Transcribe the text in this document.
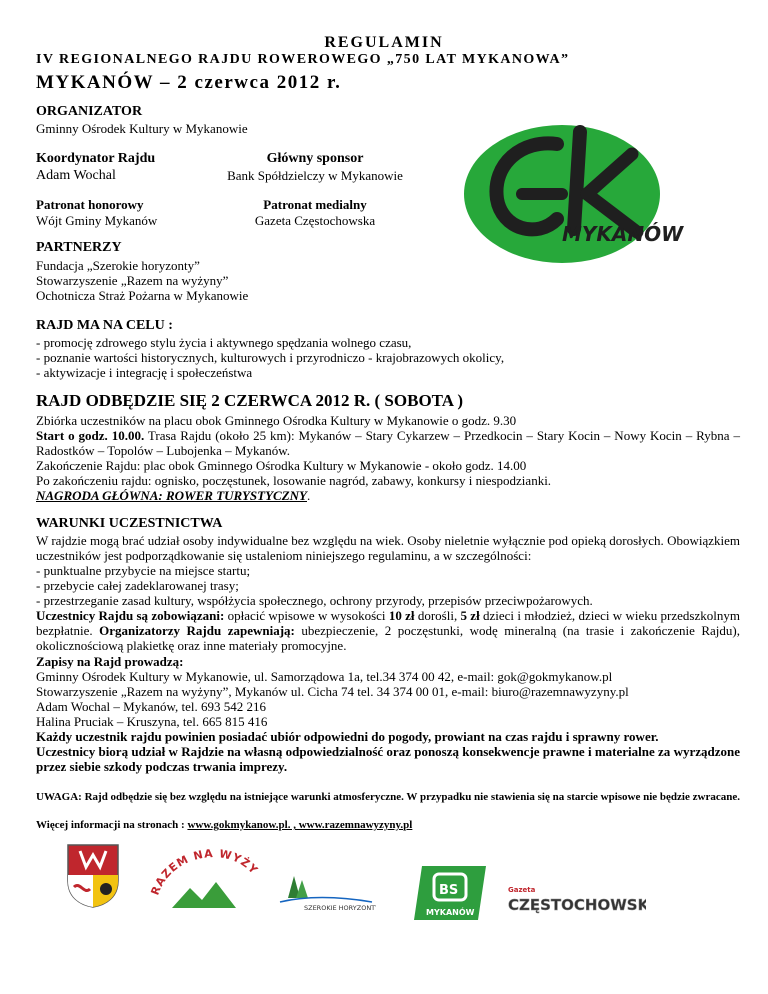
REGULAMIN
IV REGIONALNEGO RAJDU ROWEROWEGO „750 LAT MYKANOWA”
MYKANÓW – 2 czerwca 2012 r.
ORGANIZATOR
Gminny Ośrodek Kultury w Mykanowie
Koordynator Rajdu
Adam Wochal
Główny sponsor
Bank Spółdzielczy w Mykanowie
Patronat honorowy
Wójt Gminy Mykanów
Patronat medialny
Gazeta Częstochowska
MYKANÓW
PARTNERZY
Fundacja „Szerokie horyzonty”
Stowarzyszenie „Razem na wyżyny”
Ochotnicza Straż Pożarna w Mykanowie
RAJD MA NA CELU :
- promocję zdrowego stylu życia i aktywnego spędzania wolnego czasu,
- poznanie wartości historycznych, kulturowych i przyrodniczo - krajobrazowych okolicy,
- aktywizacje i integrację i społeczeństwa
RAJD ODBĘDZIE SIĘ 2 CZERWCA 2012 R. ( SOBOTA )
Zbiórka uczestników na placu obok Gminnego Ośrodka Kultury w Mykanowie o godz. 9.30
Start o godz. 10.00. Trasa Rajdu (około 25 km): Mykanów – Stary Cykarzew – Przedkocin – Stary Kocin – Nowy Kocin – Rybna – Radostków – Topolów – Lubojenka – Mykanów.
Zakończenie Rajdu: plac obok Gminnego Ośrodka Kultury w Mykanowie - około godz. 14.00
Po zakończeniu rajdu: ognisko, poczęstunek, losowanie nagród, zabawy, konkursy i niespodzianki.
NAGRODA GŁÓWNA: ROWER TURYSTYCZNY.
WARUNKI UCZESTNICTWA
W rajdzie mogą brać udział osoby indywidualne bez względu na wiek. Osoby nieletnie wyłącznie pod opieką dorosłych. Obowiązkiem uczestników jest podporządkowanie się ustaleniom niniejszego regulaminu, a w szczególności:
- punktualne przybycie na miejsce startu;
- przebycie całej zadeklarowanej trasy;
- przestrzeganie zasad kultury, współżycia społecznego, ochrony przyrody, przepisów przeciwpożarowych.
Uczestnicy Rajdu są zobowiązani: opłacić wpisowe w wysokości 10 zł dorośli, 5 zł dzieci i młodzież, dzieci w wieku przedszkolnym bezpłatnie. Organizatorzy Rajdu zapewniają: ubezpieczenie, 2 poczęstunki, wodę mineralną (na trasie i zakończenie Rajdu), okolicznościową plakietkę oraz inne materiały promocyjne.
Zapisy na Rajd prowadzą:
Gminny Ośrodek Kultury w Mykanowie, ul. Samorządowa 1a, tel.34 374 00 42, e-mail: gok@gokmykanow.pl
Stowarzyszenie „Razem na wyżyny”, Mykanów ul. Cicha 74 tel. 34 374 00 01, e-mail: biuro@razemnawyzyny.pl
Adam Wochal – Mykanów, tel. 693 542 216
Halina Pruciak – Kruszyna, tel. 665 815 416
Każdy uczestnik rajdu powinien posiadać ubiór odpowiedni do pogody, prowiant na czas rajdu i sprawny rower.
Uczestnicy biorą udział w Rajdzie na własną odpowiedzialność oraz ponoszą konsekwencje prawne i materialne za wyrządzone przez siebie szkody podczas trwania imprezy.
UWAGA: Rajd odbędzie się bez względu na istniejące warunki atmosferyczne. W przypadku nie stawienia się na starcie wpisowe nie będzie zwracane.
Więcej informacji na stronach : www.gokmykanow.pl. , www.razemnawyzyny.pl
RAZEM NA WYŻY
SZEROKIE HORYZONTY
BS
MYKANÓW
Gazeta
CZĘSTOCHOWSKA
